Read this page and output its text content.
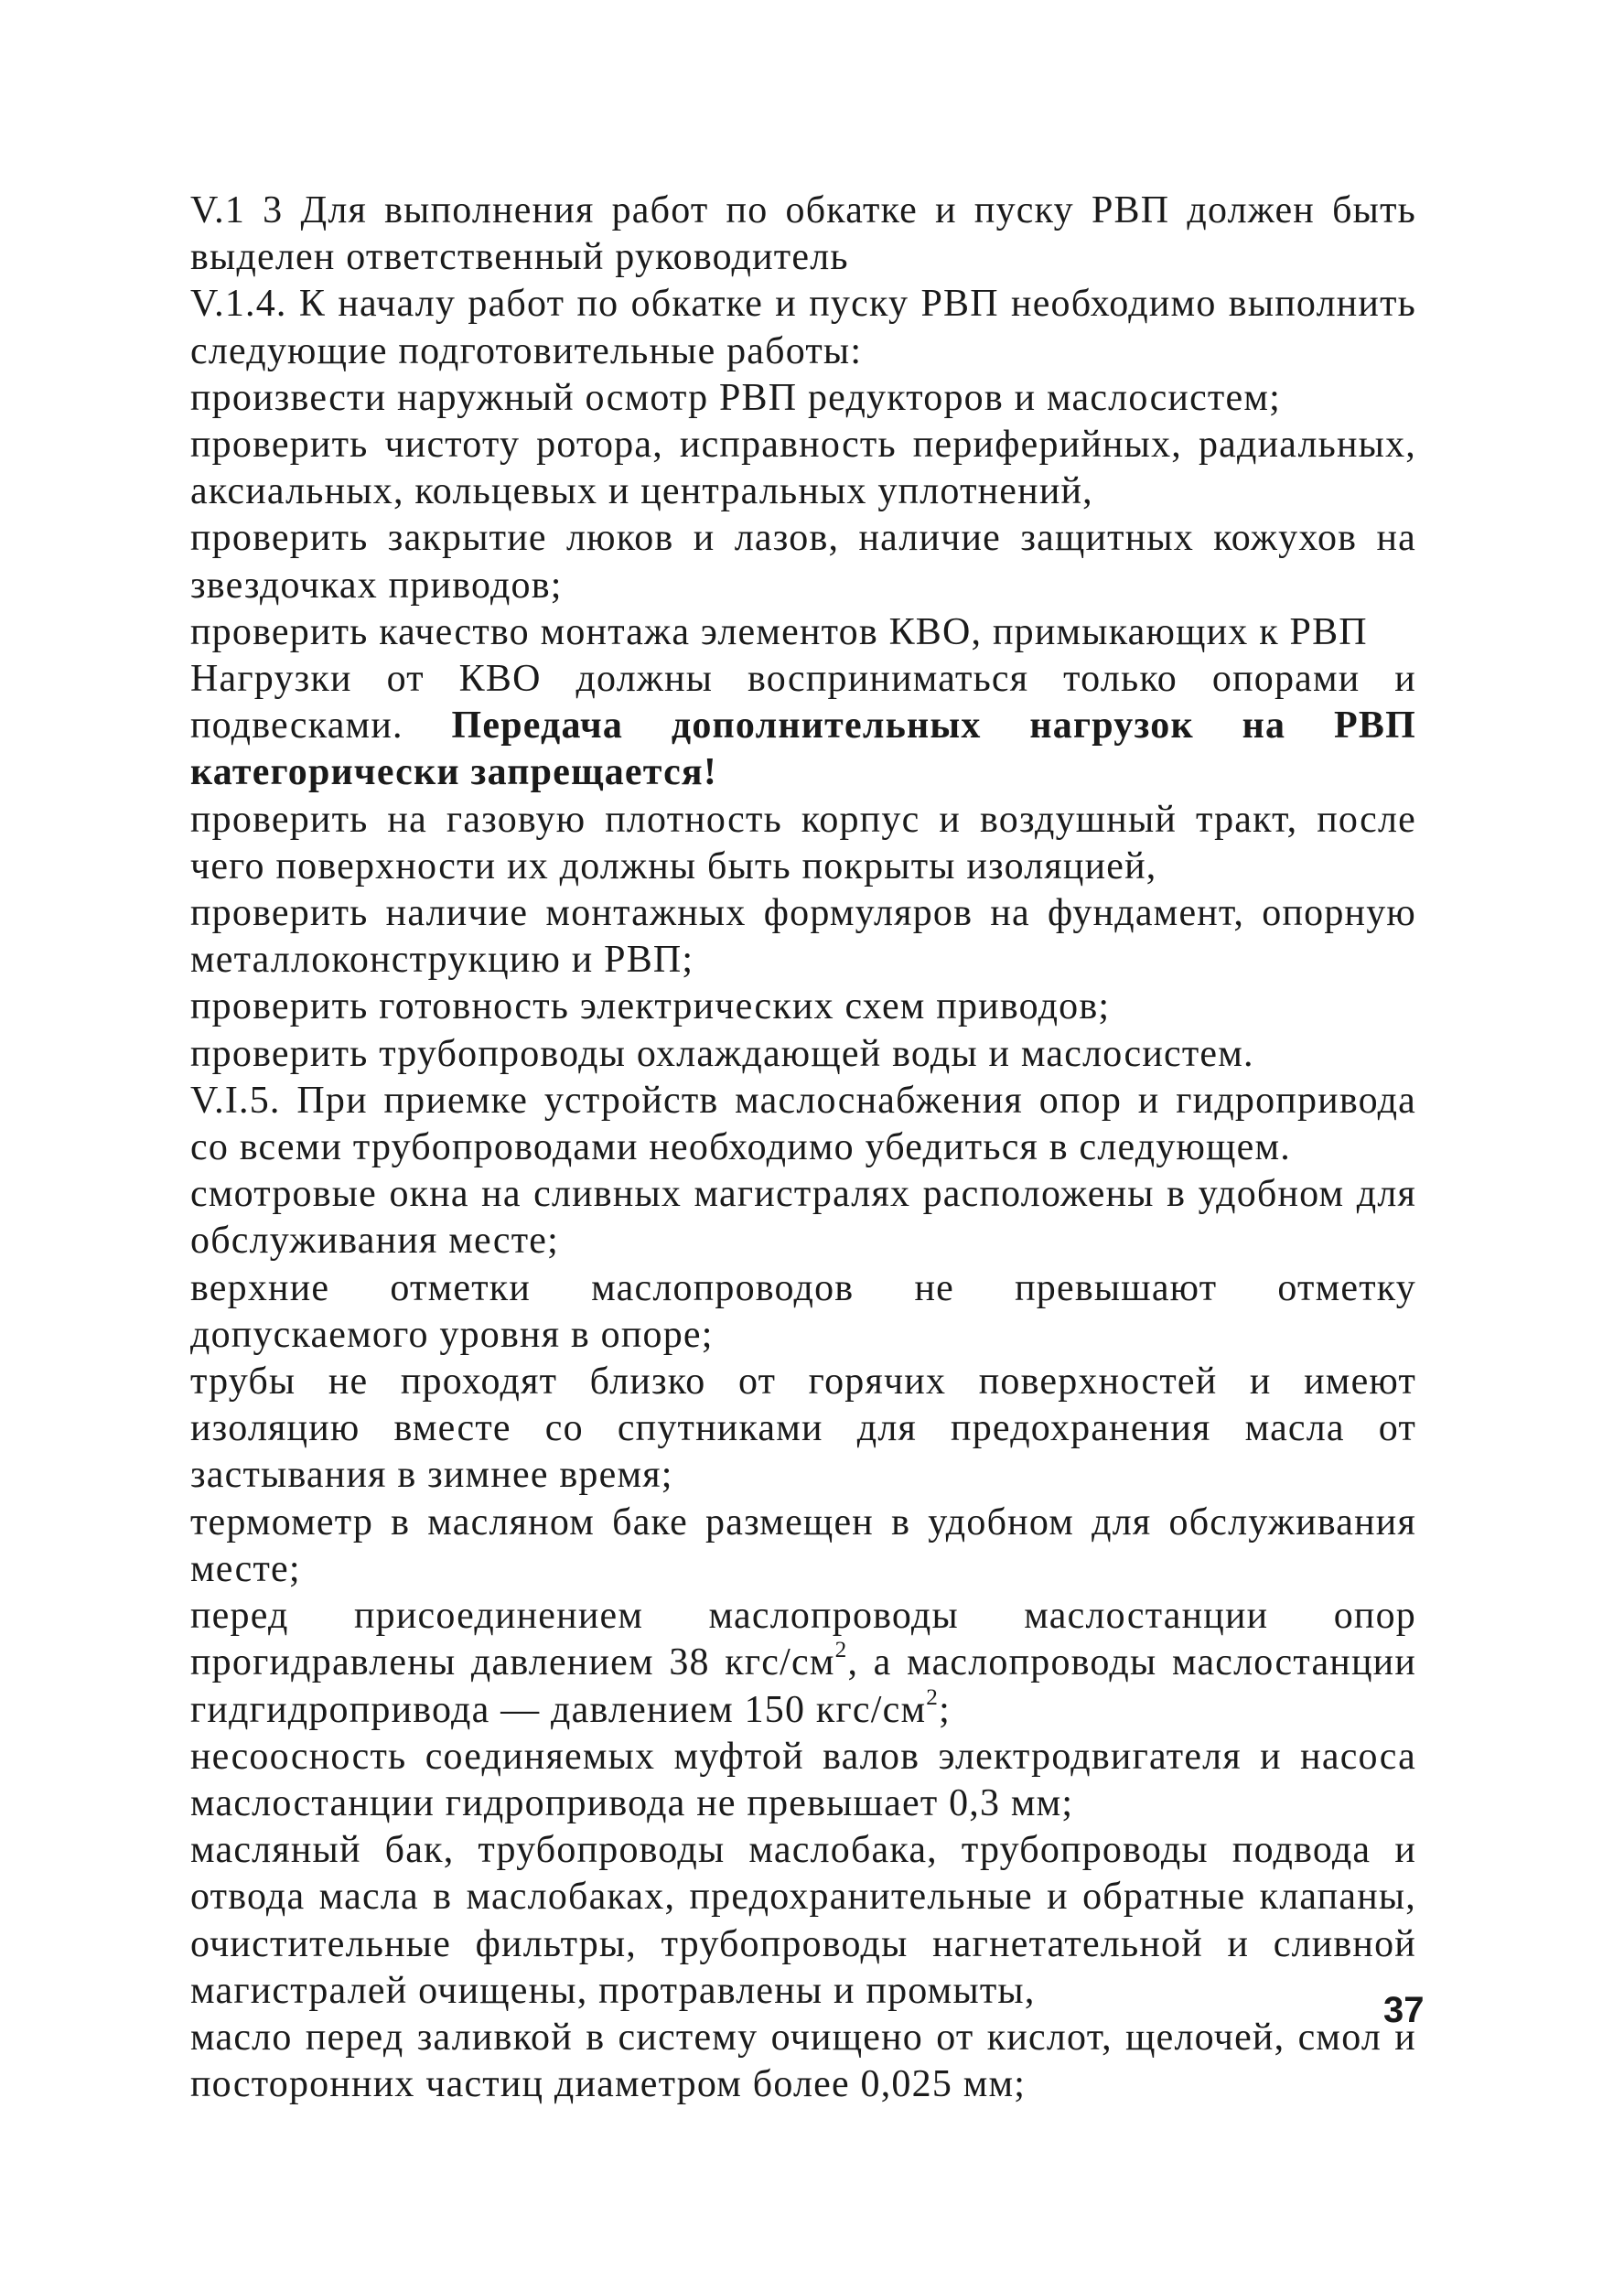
V.1 3 Для выполнения работ по обкатке и пуску РВП должен быть выделен ответственный руководитель

V.1.4. К началу работ по обкатке и пуску РВП необходимо выполнить следующие подготовительные работы:

произвести наружный осмотр РВП редукторов и маслосистем;

проверить чистоту ротора, исправность периферийных, радиальных, аксиальных, кольцевых и центральных уплотнений,

проверить закрытие люков и лазов, наличие защитных кожухов на звездочках приводов;

проверить качество монтажа элементов КВО, примыкающих к РВП

Нагрузки от КВО должны восприниматься только опорами и подвесками. Передача дополнительных нагрузок на РВП категорически запрещается!

проверить на газовую плотность корпус и воздушный тракт, после чего поверхности их должны быть покрыты изоляцией,

проверить наличие монтажных формуляров на фундамент, опорную металлоконструкцию и РВП;

проверить готовность электрических схем приводов;

проверить трубопроводы охлаждающей воды и маслосистем.

V.I.5. При приемке устройств маслоснабжения опор и гидропривода со всеми трубопроводами необходимо убедиться в следующем.

смотровые окна на сливных магистралях расположены в удобном для обслуживания месте;

верхние отметки маслопроводов не превышают отметку допускаемого уровня в опоре;

трубы не проходят близко от горячих поверхностей и имеют изоляцию вместе со спутниками для предохранения масла от застывания в зимнее время;

термометр в масляном баке размещен в удобном для обслуживания месте;

перед присоединением маслопроводы маслостанции опор прогидравлены давлением 38 кгс/$см^2$, а маслопроводы маслостанции гидгидропривода — давлением 150 кгс/$см^2$;

несоосность соединяемых муфтой валов электродвигателя и насоса маслостанции гидропривода не превышает 0,3 мм;

масляный бак, трубопроводы маслобака, трубопроводы подвода и отвода масла в маслобаках, предохранительные и обратные клапаны, очистительные фильтры, трубопроводы нагнетательной и сливной магистралей очищены, протравлены и промыты,

масло перед заливкой в систему очищено от кислот, щелочей, смол и посторонних частиц диаметром более 0,025 мм;

37
